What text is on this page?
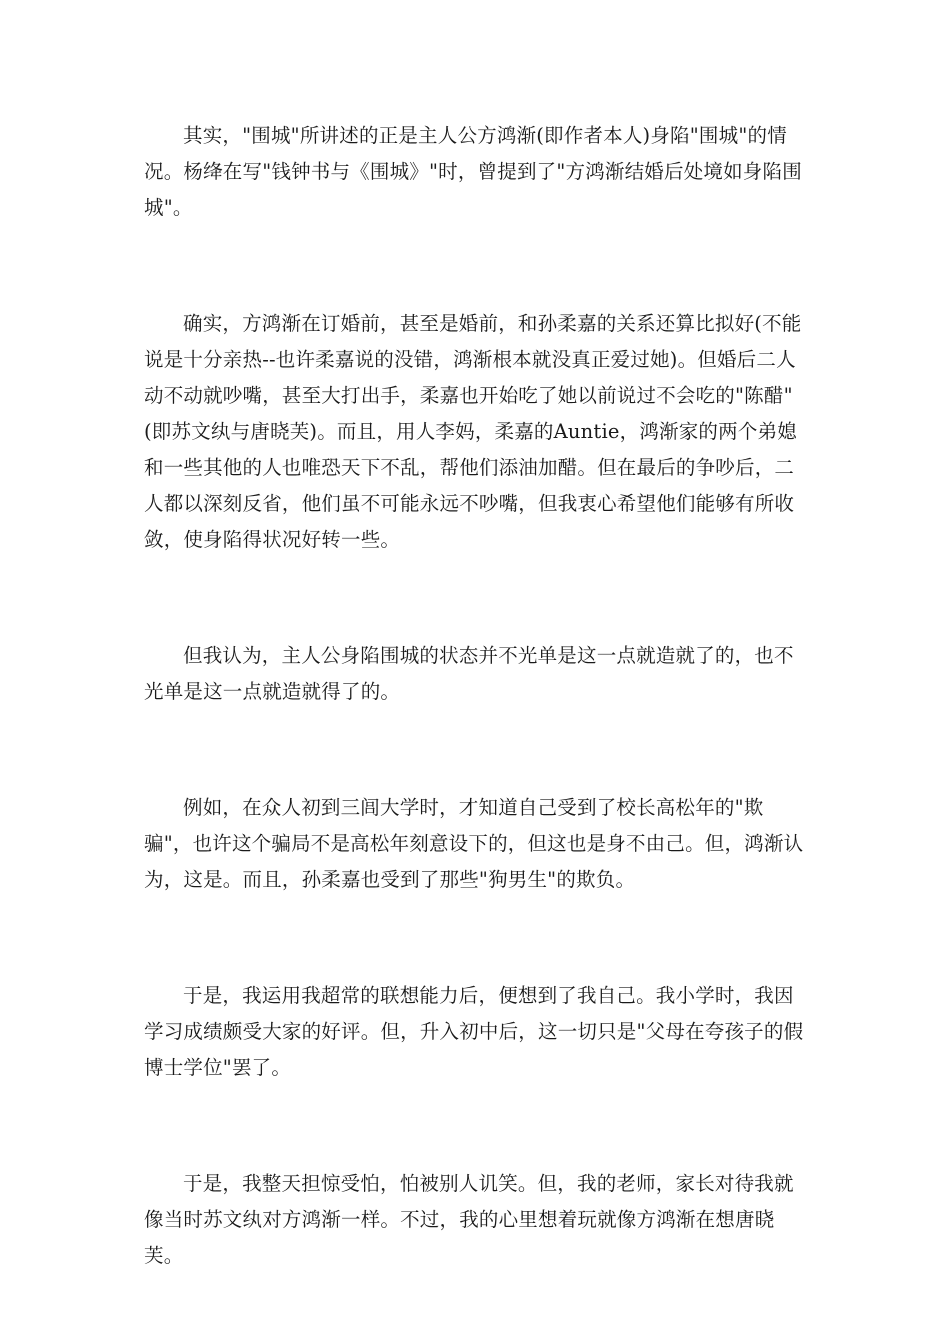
其实，"围城"所讲述的正是主人公方鸿渐(即作者本人)身陷"围城"的情况。杨绛在写"钱钟书与《围城》"时，曾提到了"方鸿渐结婚后处境如身陷围城"。

确实，方鸿渐在订婚前，甚至是婚前，和孙柔嘉的关系还算比拟好(不能说是十分亲热--也许柔嘉说的没错，鸿渐根本就没真正爱过她)。但婚后二人动不动就吵嘴，甚至大打出手，柔嘉也开始吃了她以前说过不会吃的"陈醋"(即苏文纨与唐晓芙)。而且，用人李妈，柔嘉的Auntie，鸿渐家的两个弟媳和一些其他的人也唯恐天下不乱，帮他们添油加醋。但在最后的争吵后，二人都以深刻反省，他们虽不可能永远不吵嘴，但我衷心希望他们能够有所收敛，使身陷得状况好转一些。

但我认为，主人公身陷围城的状态并不光单是这一点就造就了的，也不光单是这一点就造就得了的。

例如，在众人初到三闾大学时，才知道自己受到了校长高松年的"欺骗"，也许这个骗局不是高松年刻意设下的，但这也是身不由己。但，鸿渐认为，这是。而且，孙柔嘉也受到了那些"狗男生"的欺负。

于是，我运用我超常的联想能力后，便想到了我自己。我小学时，我因学习成绩颇受大家的好评。但，升入初中后，这一切只是"父母在夸孩子的假博士学位"罢了。

于是，我整天担惊受怕，怕被别人讥笑。但，我的老师，家长对待我就像当时苏文纨对方鸿渐一样。不过，我的心里想着玩就像方鸿渐在想唐晓芙。
